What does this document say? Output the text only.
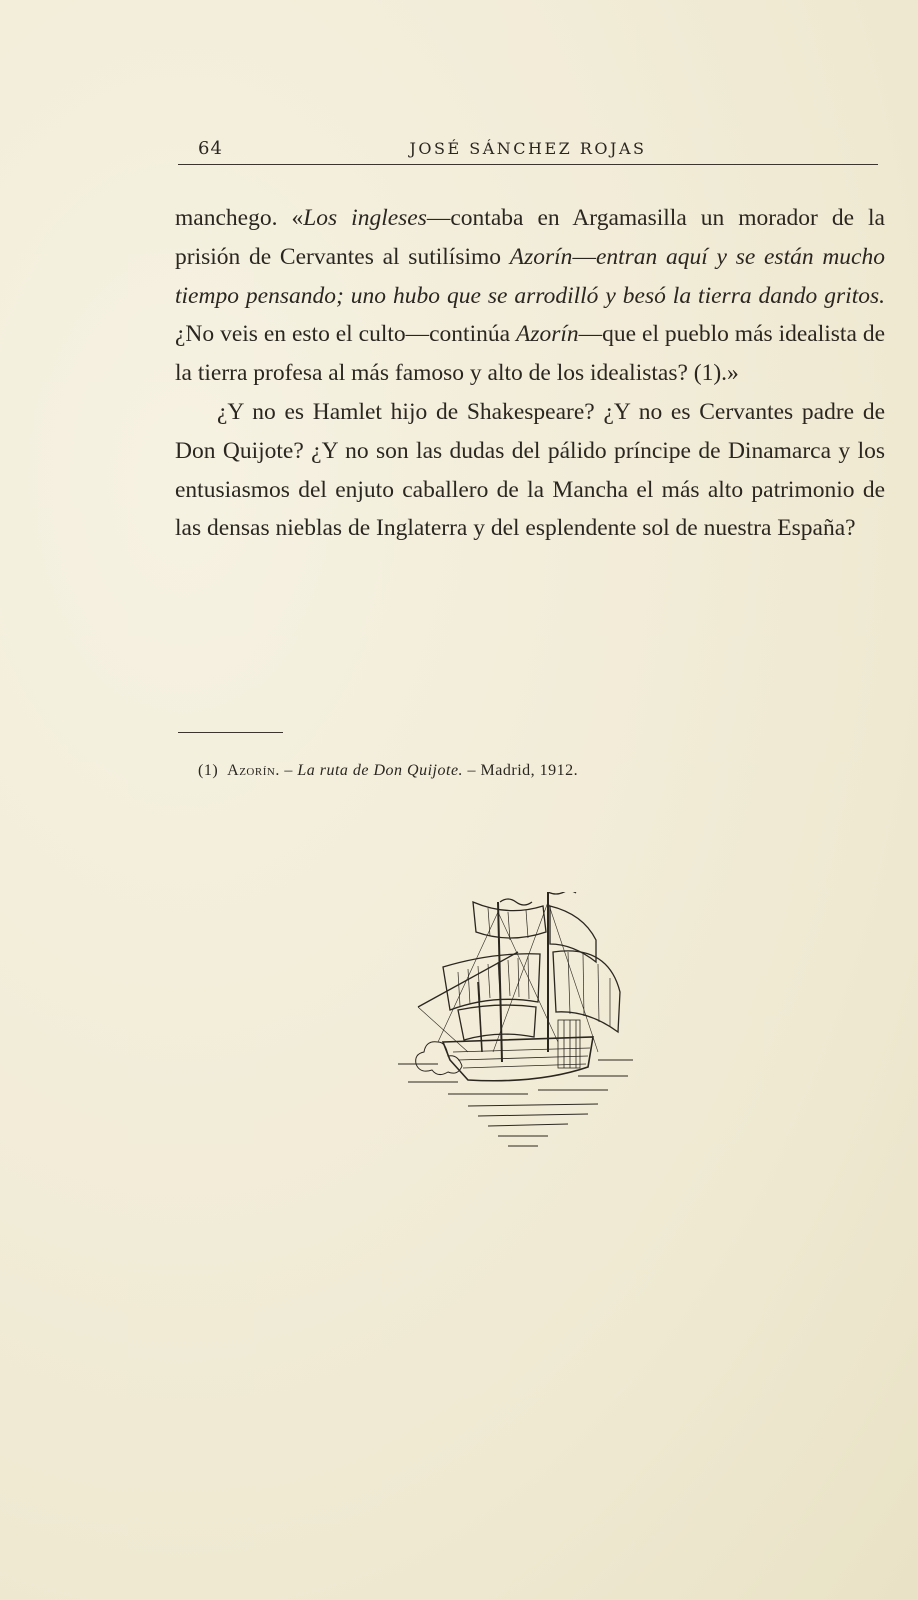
64	JOSÉ SÁNCHEZ ROJAS

manchego. «Los ingleses—contaba en Argamasilla un morador de la prisión de Cervantes al sutilísimo Azorín—entran aquí y se están mucho tiempo pensando; uno hubo que se arrodilló y besó la tierra dando gritos. ¿No veis en esto el culto—continúa Azorín—que el pueblo más idealista de la tierra profesa al más famoso y alto de los idealistas? (1).»

¿Y no es Hamlet hijo de Shakespeare? ¿Y no es Cervantes padre de Don Quijote? ¿Y no son las dudas del pálido príncipe de Dinamarca y los entusiasmos del enjuto caballero de la Mancha el más alto patrimonio de las densas nieblas de Inglaterra y del esplendente sol de nuestra España?

(1) Azorín. – La ruta de Don Quijote. – Madrid, 1912.
